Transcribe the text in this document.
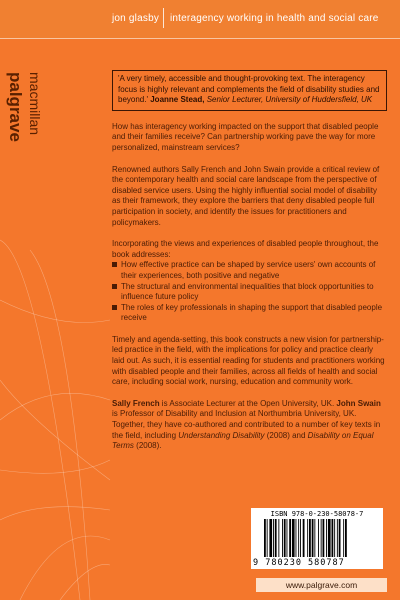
jon glasby interagency working in health and social care
palgrave macmillan	'A very timely, accessible and thought-provoking text. The interagency focus is highly relevant and complements the field of disability studies and beyond.' Joanne Stead, Senior Lecturer, University of Huddersfield, UK

How has interagency working impacted on the support that disabled people and their families receive? Can partnership working pave the way for more personalized, mainstream services?

Renowned authors Sally French and John Swain provide a critical review of the contemporary health and social care landscape from the perspective of disabled service users. Using the highly influential social model of disability as their framework, they explore the barriers that deny disabled people full participation in society, and identify the issues for practitioners and policymakers.

Incorporating the views and experiences of disabled people throughout, the book addresses:

How effective practice can be shaped by service users' own accounts of their experiences, both positive and negative
The structural and environmental inequalities that block opportunities to influence future policy
The roles of key professionals in shaping the support that disabled people receive

Timely and agenda-setting, this book constructs a new vision for partnership-led practice in the field, with the implications for policy and practice clearly laid out. As such, it is essential reading for students and practitioners working with disabled people and their families, across all fields of health and social care, including social work, nursing, education and community work.

Sally French is Associate Lecturer at the Open University, UK. John Swain is Professor of Disability and Inclusion at Northumbria University, UK. Together, they have co-authored and contributed to a number of key texts in the field, including Understanding Disability (2008) and Disability on Equal Terms (2008).

ISBN 978-0-230-58078-7
9 780230 580787
www.palgrave.com
